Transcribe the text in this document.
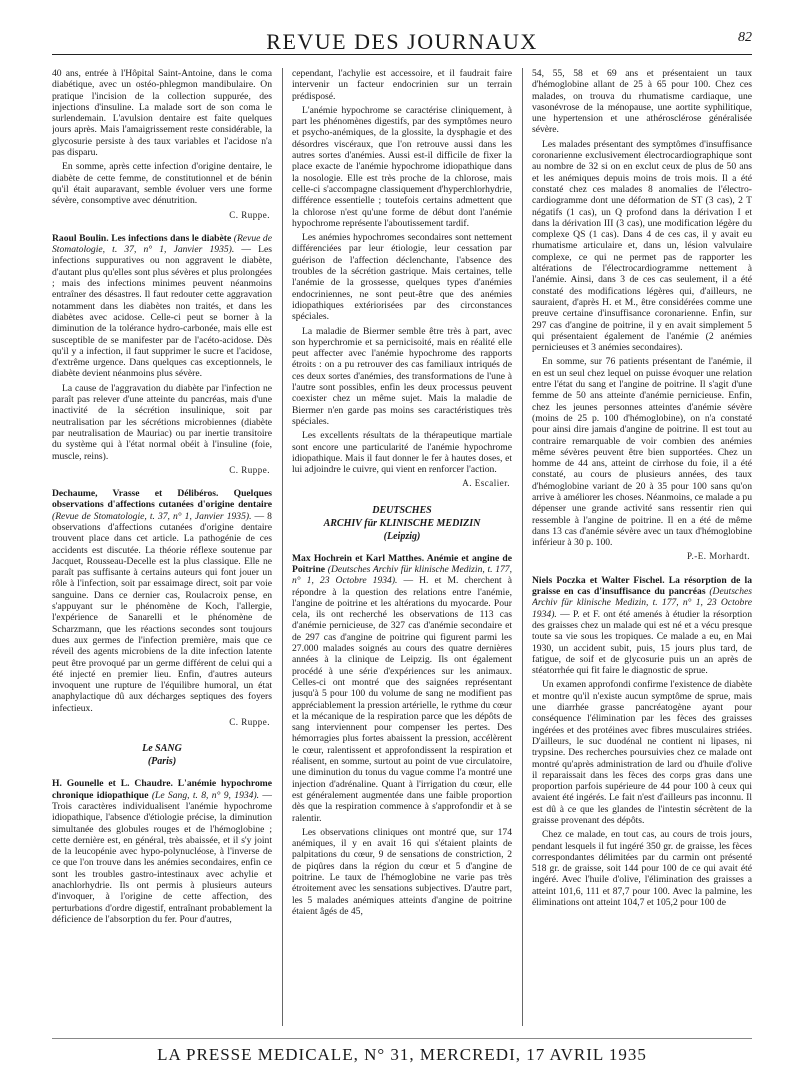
REVUE DES JOURNAUX	82

40 ans, entrée à l'Hôpital Saint-Antoine, dans le coma diabétique, avec un ostéo-phlegmon mandibulaire. On pratique l'incision de la collection suppurée, des injections d'insuline. La malade sort de son coma le surlendemain. L'avulsion dentaire est faite quelques jours après. Mais l'amaigrissement reste considérable, la glycosurie persiste à des taux variables et l'acidose n'a pas disparu.

En somme, après cette infection d'origine dentaire, le diabète de cette femme, de constitutionnel et de bénin qu'il était auparavant, semble évoluer vers une forme sévère, consomptive avec dénutrition.

C. Ruppe.

Raoul Boulin. Les infections dans le diabète (Revue de Stomatologie, t. 37, n° 1, Janvier 1935). — Les infections suppuratives ou non aggravent le diabète, d'autant plus qu'elles sont plus sévères et plus prolongées ; mais des infections minimes peuvent néanmoins entraîner des désastres. Il faut redouter cette aggravation notamment dans les diabètes non traités, et dans les diabètes avec acidose. Celle-ci peut se borner à la diminution de la tolérance hydro-carbonée, mais elle est susceptible de se manifester par de l'acéto-acidose. Dès qu'il y a infection, il faut supprimer le sucre et l'acidose, d'extrême urgence. Dans quelques cas exceptionnels, le diabète devient néanmoins plus sévère.

La cause de l'aggravation du diabète par l'infection ne paraît pas relever d'une atteinte du pancréas, mais d'une inactivité de la sécrétion insulinique, soit par neutralisation par les sécrétions microbiennes (diabète par neutralisation de Mauriac) ou par inertie transitoire du système qui à l'état normal obéit à l'insuline (foie, muscle, reins).

C. Ruppe.

Dechaume, Vrasse et Délibéros. Quelques observations d'affections cutanées d'origine dentaire (Revue de Stomatologie, t. 37, n° 1, Janvier 1935). — 8 observations d'affections cutanées d'origine dentaire trouvent place dans cet article. La pathogénie de ces accidents est discutée. La théorie réflexe soutenue par Jacquet, Rousseau-Decelle est la plus classique. Elle ne paraît pas suffisante à certains auteurs qui font jouer un rôle à l'infection, soit par essaimage direct, soit par voie sanguine. Dans ce dernier cas, Roulacroix pense, en s'appuyant sur le phénomène de Koch, l'allergie, l'expérience de Sanarelli et le phénomène de Scharzmann, que les réactions secondes sont toujours dues aux germes de l'infection première, mais que ce réveil des agents microbiens de la dite infection latente peut être provoqué par un germe différent de celui qui a été injecté en premier lieu. Enfin, d'autres auteurs invoquent une rupture de l'équilibre humoral, un état anaphylactique dû aux décharges septiques des foyers infectieux.

C. Ruppe.
Le SANG
(Paris)

H. Gounelle et L. Chaudre. L'anémie hypochrome chronique idiopathique (Le Sang, t. 8, n° 9, 1934). — Trois caractères individualisent l'anémie hypochrome idiopathique, l'absence d'étiologie précise, la diminution simultanée des globules rouges et de l'hémoglobine ; cette dernière est, en général, très abaissée, et il s'y joint de la leucopénie avec hypo-polynucléose, à l'inverse de ce que l'on trouve dans les anémies secondaires, enfin ce sont les troubles gastro-intestinaux avec achylie et anachlorhydrie. Ils ont permis à plusieurs auteurs d'invoquer, à l'origine de cette affection, des perturbations d'ordre digestif, entraînant probablement la déficience de l'absorption du fer. Pour d'autres,

cependant, l'achylie est accessoire, et il faudrait faire intervenir un facteur endocrinien sur un terrain prédisposé.

L'anémie hypochrome se caractérise cliniquement, à part les phénomènes digestifs, par des symptômes neuro et psycho-anémiques, de la glossite, la dysphagie et des désordres viscéraux, que l'on retrouve aussi dans les autres sortes d'anémies. Aussi est-il difficile de fixer la place exacte de l'anémie hypochrome idiopathique dans la nosologie. Elle est très proche de la chlorose, mais celle-ci s'accompagne classiquement d'hyperchlorhydrie, différence essentielle ; toutefois certains admettent que la chlorose n'est qu'une forme de début dont l'anémie hypochrome représente l'aboutissement tardif.

Les anémies hypochromes secondaires sont nettement différenciées par leur étiologie, leur cessation par guérison de l'affection déclenchante, l'absence des troubles de la sécrétion gastrique. Mais certaines, telle l'anémie de la grossesse, quelques types d'anémies endocriniennes, ne sont peut-être que des anémies idiopathiques extériorisées par des circonstances spéciales.

La maladie de Biermer semble être très à part, avec son hyperchromie et sa pernicisoité, mais en réalité elle peut affecter avec l'anémie hypochrome des rapports étroits : on a pu retrouver des cas familiaux intriqués de ces deux sortes d'anémies, des transformations de l'une à l'autre sont possibles, enfin les deux processus peuvent coexister chez un même sujet. Mais la maladie de Biermer n'en garde pas moins ses caractéristiques très spéciales.

Les excellents résultats de la thérapeutique martiale sont encore une particularité de l'anémie hypochrome idiopathique. Mais il faut donner le fer à hautes doses, et lui adjoindre le cuivre, qui vient en renforcer l'action.

A. Escalier.
DEUTSCHES
ARCHIV für KLINISCHE MEDIZIN
(Leipzig)

Max Hochrein et Karl Matthes. Anémie et angine de Poitrine (Deutsches Archiv für klinische Medizin, t. 177, n° 1, 23 Octobre 1934). — H. et M. cherchent à répondre à la question des relations entre l'anémie, l'angine de poitrine et les altérations du myocarde. Pour cela, ils ont recherché les observations de 113 cas d'anémie pernicieuse, de 327 cas d'anémie secondaire et de 297 cas d'angine de poitrine qui figurent parmi les 27.000 malades soignés au cours des quatre dernières années à la clinique de Leipzig. Ils ont également procédé à une série d'expériences sur les animaux. Celles-ci ont montré que des saignées représentant jusqu'à 5 pour 100 du volume de sang ne modifient pas appréciablement la pression artérielle, le rythme du cœur et la mécanique de la respiration parce que les dépôts de sang interviennent pour compenser les pertes. Des hémorragies plus fortes abaissent la pression, accélèrent le cœur, ralentissent et approfondissent la respiration et réalisent, en somme, surtout au point de vue circulatoire, une diminution du tonus du vague comme l'a montré une injection d'adrénaline. Quant à l'irrigation du cœur, elle est généralement augmentée dans une faible proportion dès que la respiration commence à s'approfondir et à se ralentir.

Les observations cliniques ont montré que, sur 174 anémiques, il y en avait 16 qui s'étaient plaints de palpitations du cœur, 9 de sensations de constriction, 2 de piqûres dans la région du cœur et 5 d'angine de poitrine. Le taux de l'hémoglobine ne varie pas très étroitement avec les sensations subjectives. D'autre part, les 5 malades anémiques atteints d'angine de poitrine étaient âgés de 45,

54, 55, 58 et 69 ans et présentaient un taux d'hémoglobine allant de 25 à 65 pour 100. Chez ces malades, on trouva du rhumatisme cardiaque, une vasonévrose de la ménopause, une aortite syphilitique, une hypertension et une athérosclérose généralisée sévère.

Les malades présentant des symptômes d'insuffisance coronarienne exclusivement électrocardiographique sont au nombre de 32 si on en exclut ceux de plus de 50 ans et les anémiques depuis moins de trois mois. Il a été constaté chez ces malades 8 anomalies de l'électro-cardiogramme dont une déformation de ST (3 cas), 2 T négatifs (1 cas), un Q profond dans la dérivation I et dans la dérivation III (3 cas), une modification légère du complexe QS (1 cas). Dans 4 de ces cas, il y avait eu rhumatisme articulaire et, dans un, lésion valvulaire complexe, ce qui ne permet pas de rapporter les altérations de l'électrocardiogramme nettement à l'anémie. Ainsi, dans 3 de ces cas seulement, il a été constaté des modifications légères qui, d'ailleurs, ne sauraient, d'après H. et M., être considérées comme une preuve certaine d'insuffisance coronarienne. Enfin, sur 297 cas d'angine de poitrine, il y en avait simplement 5 qui présentaient également de l'anémie (2 anémies pernicieuses et 3 anémies secondaires).

En somme, sur 76 patients présentant de l'anémie, il en est un seul chez lequel on puisse évoquer une relation entre l'état du sang et l'angine de poitrine. Il s'agit d'une femme de 50 ans atteinte d'anémie pernicieuse. Enfin, chez les jeunes personnes atteintes d'anémie sévère (moins de 25 p. 100 d'hémoglobine), on n'a constaté pour ainsi dire jamais d'angine de poitrine. Il est tout au contraire remarquable de voir combien des anémies même sévères peuvent être bien supportées. Chez un homme de 44 ans, atteint de cirrhose du foie, il a été constaté, au cours de plusieurs années, des taux d'hémoglobine variant de 20 à 35 pour 100 sans qu'on arrive à améliorer les choses. Néanmoins, ce malade a pu dépenser une grande activité sans ressentir rien qui ressemble à l'angine de poitrine. Il en a été de même dans 13 cas d'anémie sévère avec un taux d'hémoglobine inférieur à 30 p. 100.

P.-E. Morhardt.

Niels Poczka et Walter Fischel. La résorption de la graisse en cas d'insuffisance du pancréas (Deutsches Archiv für klinische Medizin, t. 177, n° 1, 23 Octobre 1934). — P. et F. ont été amenés à étudier la résorption des graisses chez un malade qui est né et a vécu presque toute sa vie sous les tropiques. Ce malade a eu, en Mai 1930, un accident subit, puis, 15 jours plus tard, de fatigue, de soif et de glycosurie puis un an après de stéatorrhée qui fit faire le diagnostic de sprue.

Un examen approfondi confirme l'existence de diabète et montre qu'il n'existe aucun symptôme de sprue, mais une diarrhée grasse pancréatogène ayant pour conséquence l'élimination par les fèces des graisses ingérées et des protéines avec fibres musculaires striées. D'ailleurs, le suc duodénal ne contient ni lipases, ni trypsine. Des recherches poursuivies chez ce malade ont montré qu'après administration de lard ou d'huile d'olive il reparaissait dans les fèces des corps gras dans une proportion parfois supérieure de 44 pour 100 à ceux qui avaient été ingérés. Le fait n'est d'ailleurs pas inconnu. Il est dû à ce que les glandes de l'intestin sécrètent de la graisse provenant des dépôts.

Chez ce malade, en tout cas, au cours de trois jours, pendant lesquels il fut ingéré 350 gr. de graisse, les fèces correspondantes délimitées par du carmin ont présenté 518 gr. de graisse, soit 144 pour 100 de ce qui avait été ingéré. Avec l'huile d'olive, l'élimination des graisses a atteint 101,6, 111 et 87,7 pour 100. Avec la palmine, les éliminations ont atteint 104,7 et 105,2 pour 100 de

LA PRESSE MEDICALE, N° 31, MERCREDI, 17 AVRIL 1935
